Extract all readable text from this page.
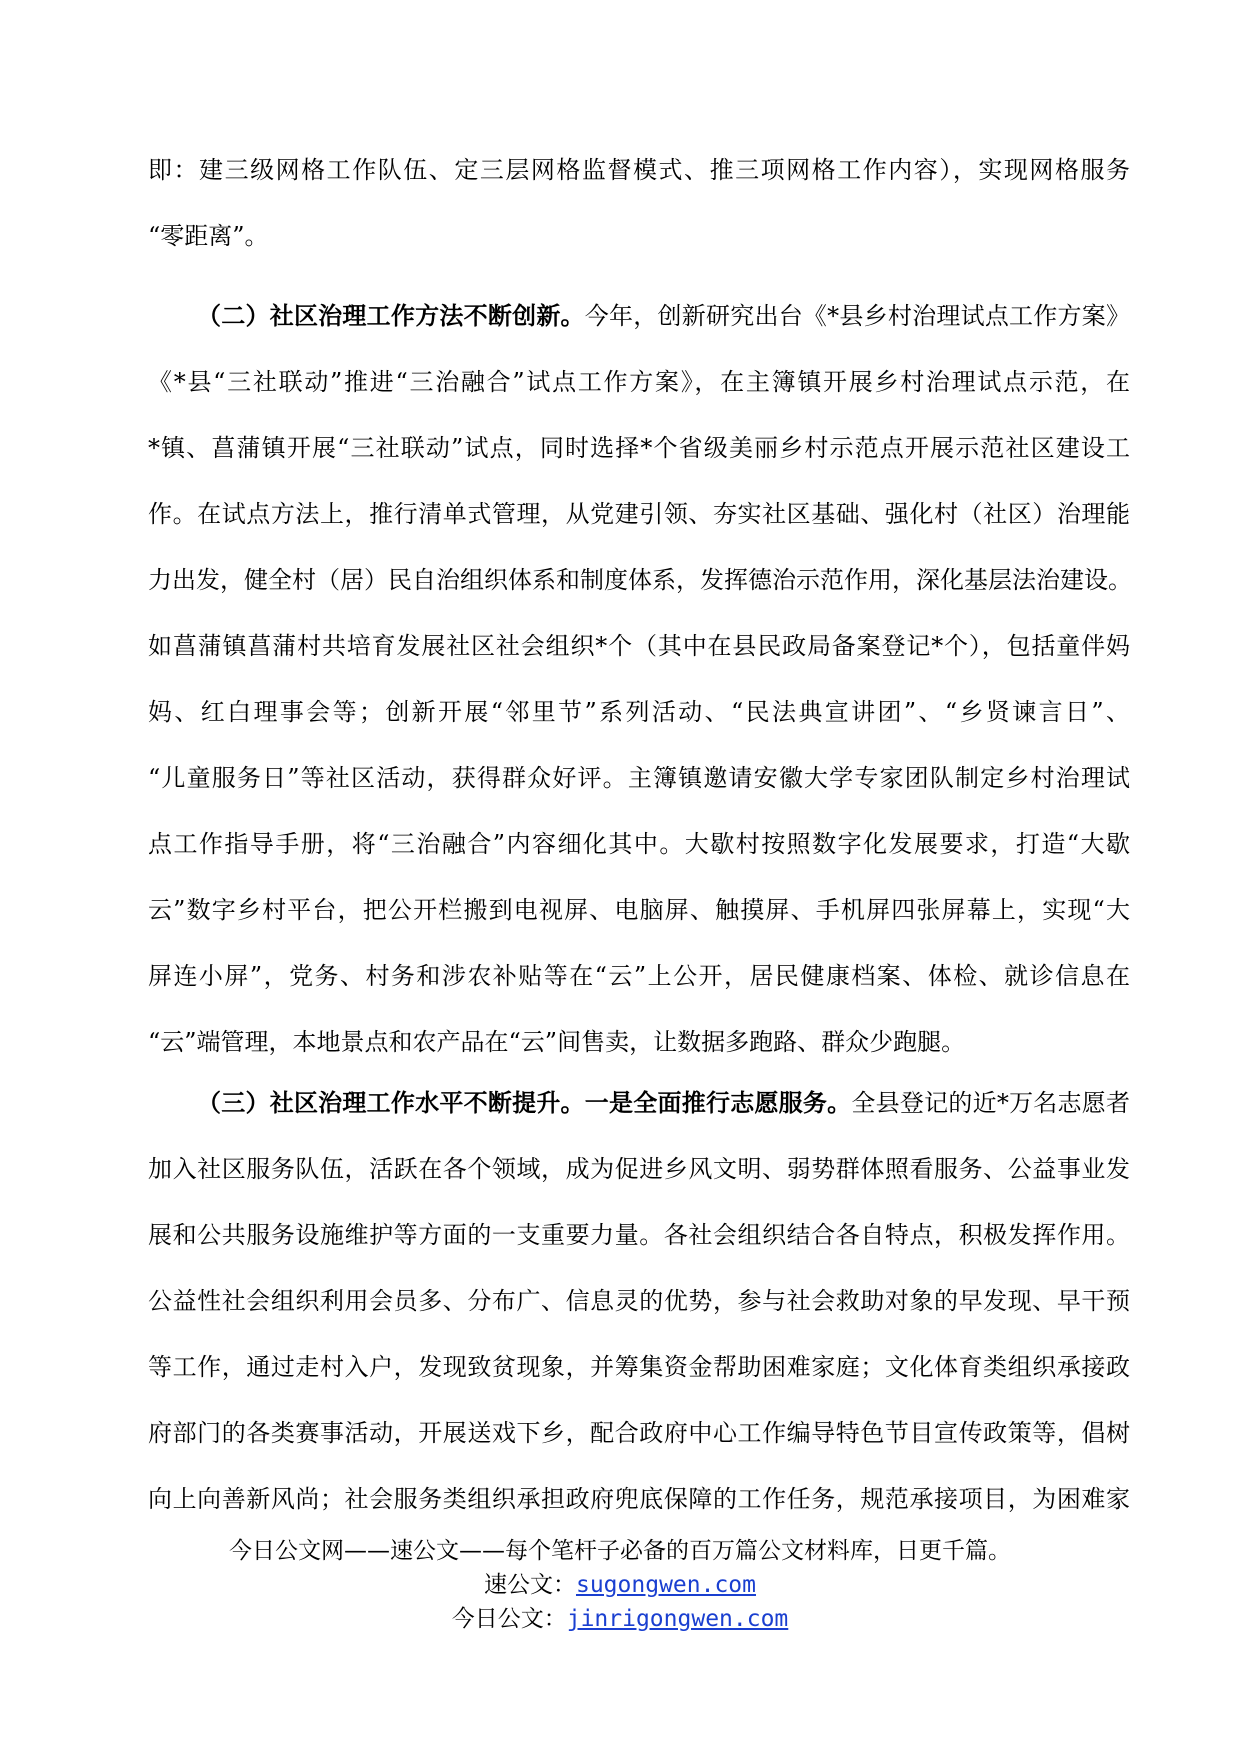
即：建三级网格工作队伍、定三层网格监督模式、推三项网格工作内容），实现网格服务
“零距离”。
（二）社区治理工作方法不断创新。今年，创新研究出台《*县乡村治理试点工作方案》
《*县“三社联动”推进“三治融合”试点工作方案》，在主簿镇开展乡村治理试点示范，在
*镇、菖蒲镇开展“三社联动”试点，同时选择*个省级美丽乡村示范点开展示范社区建设工
作。在试点方法上，推行清单式管理，从党建引领、夯实社区基础、强化村（社区）治理能
力出发，健全村（居）民自治组织体系和制度体系，发挥德治示范作用，深化基层法治建设。
如菖蒲镇菖蒲村共培育发展社区社会组织*个（其中在县民政局备案登记*个），包括童伴妈
妈、红白理事会等；创新开展“邻里节”系列活动、“民法典宣讲团”、“乡贤谏言日”、
“儿童服务日”等社区活动，获得群众好评。主簿镇邀请安徽大学专家团队制定乡村治理试
点工作指导手册，将“三治融合”内容细化其中。大歇村按照数字化发展要求，打造“大歇
云”数字乡村平台，把公开栏搬到电视屏、电脑屏、触摸屏、手机屏四张屏幕上，实现“大
屏连小屏”，党务、村务和涉农补贴等在“云”上公开，居民健康档案、体检、就诊信息在
“云”端管理，本地景点和农产品在“云”间售卖，让数据多跑路、群众少跑腿。
（三）社区治理工作水平不断提升。一是全面推行志愿服务。全县登记的近*万名志愿者
加入社区服务队伍，活跃在各个领域，成为促进乡风文明、弱势群体照看服务、公益事业发
展和公共服务设施维护等方面的一支重要力量。各社会组织结合各自特点，积极发挥作用。
公益性社会组织利用会员多、分布广、信息灵的优势，参与社会救助对象的早发现、早干预
等工作，通过走村入户，发现致贫现象，并筹集资金帮助困难家庭；文化体育类组织承接政
府部门的各类赛事活动，开展送戏下乡，配合政府中心工作编导特色节目宣传政策等，倡树
向上向善新风尚；社会服务类组织承担政府兜底保障的工作任务，规范承接项目，为困难家
今日公文网——速公文——每个笔杆子必备的百万篇公文材料库，日更千篇。
速公文：sugongwen.com
今日公文：jinrigongwen.com
